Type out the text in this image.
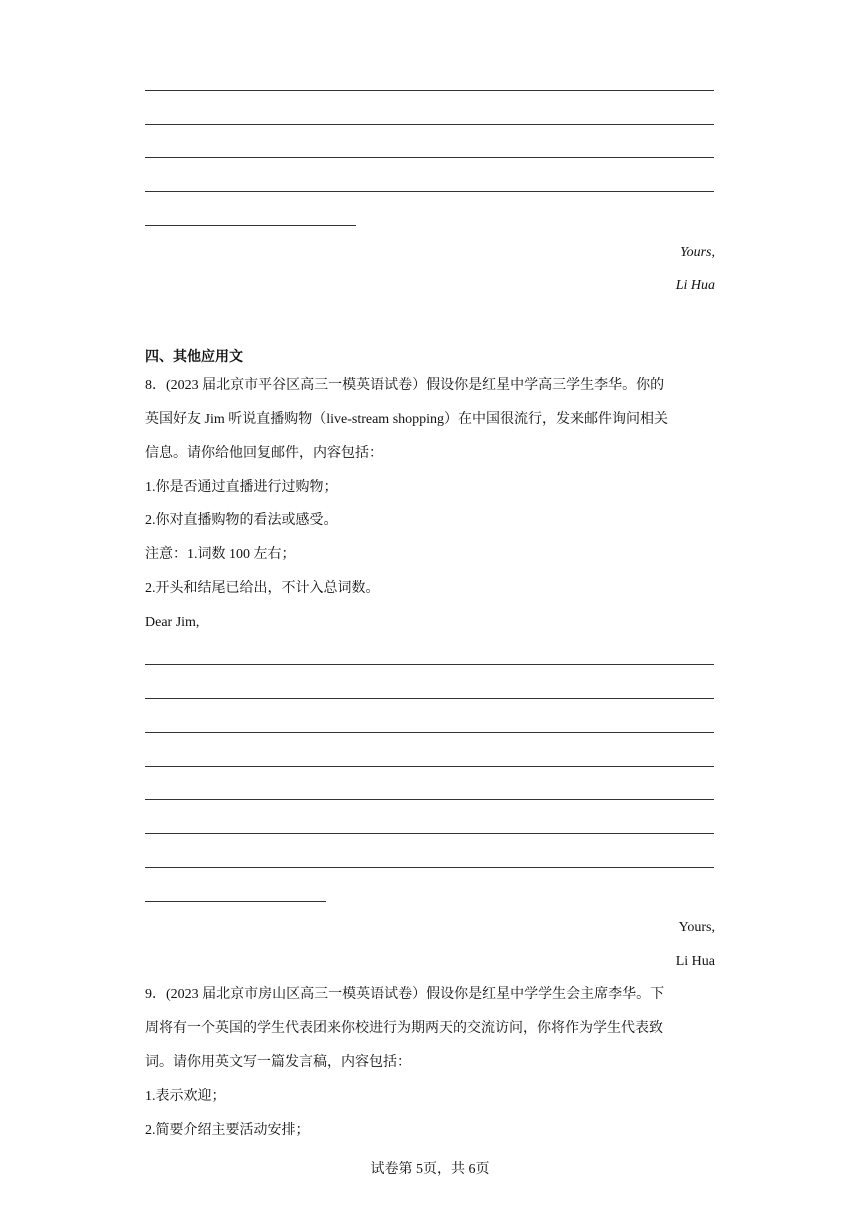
Yours,
Li Hua
四、其他应用文
8．(2023 届北京市平谷区高三一模英语试卷）假设你是红星中学高三学生李华。你的
英国好友 Jim 听说直播购物（live-stream shopping）在中国很流行，发来邮件询问相关
信息。请你给他回复邮件，内容包括：
1.你是否通过直播进行过购物；
2.你对直播购物的看法或感受。
注意：1.词数 100 左右；
2.开头和结尾已给出，不计入总词数。
Dear Jim,
Yours,
Li Hua
9．(2023 届北京市房山区高三一模英语试卷）假设你是红星中学学生会主席李华。下
周将有一个英国的学生代表团来你校进行为期两天的交流访问，你将作为学生代表致
词。请你用英文写一篇发言稿，内容包括：
1.表示欢迎；
2.简要介绍主要活动安排；
试卷第 5页，共 6页
